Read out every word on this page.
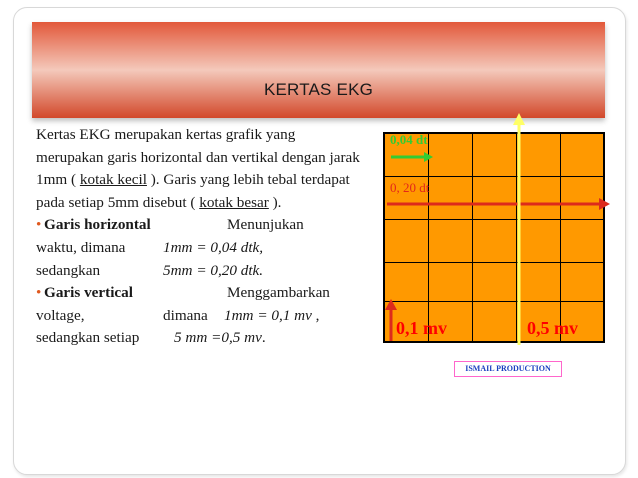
KERTAS EKG

Kertas EKG merupakan kertas grafik yang merupakan garis horizontal dan vertikal dengan jarak 1mm ( kotak kecil ). Garis yang lebih tebal terdapat pada setiap 5mm disebut ( kotak besar ).

• Garis horizontal	Menunjukan
waktu, dimana 1mm = 0,04 dtk,
sedangkan	5mm = 0,20 dtk.
• Garis vertical	Menggambarkan
voltage,	dimana 1mm = 0,1 mv ,
sedangkan setiap 5 mm =0,5 mv.
0,04 dt
0, 20 dt
0,1 mv	0,5 mv
ISMAIL PRODUCTION
